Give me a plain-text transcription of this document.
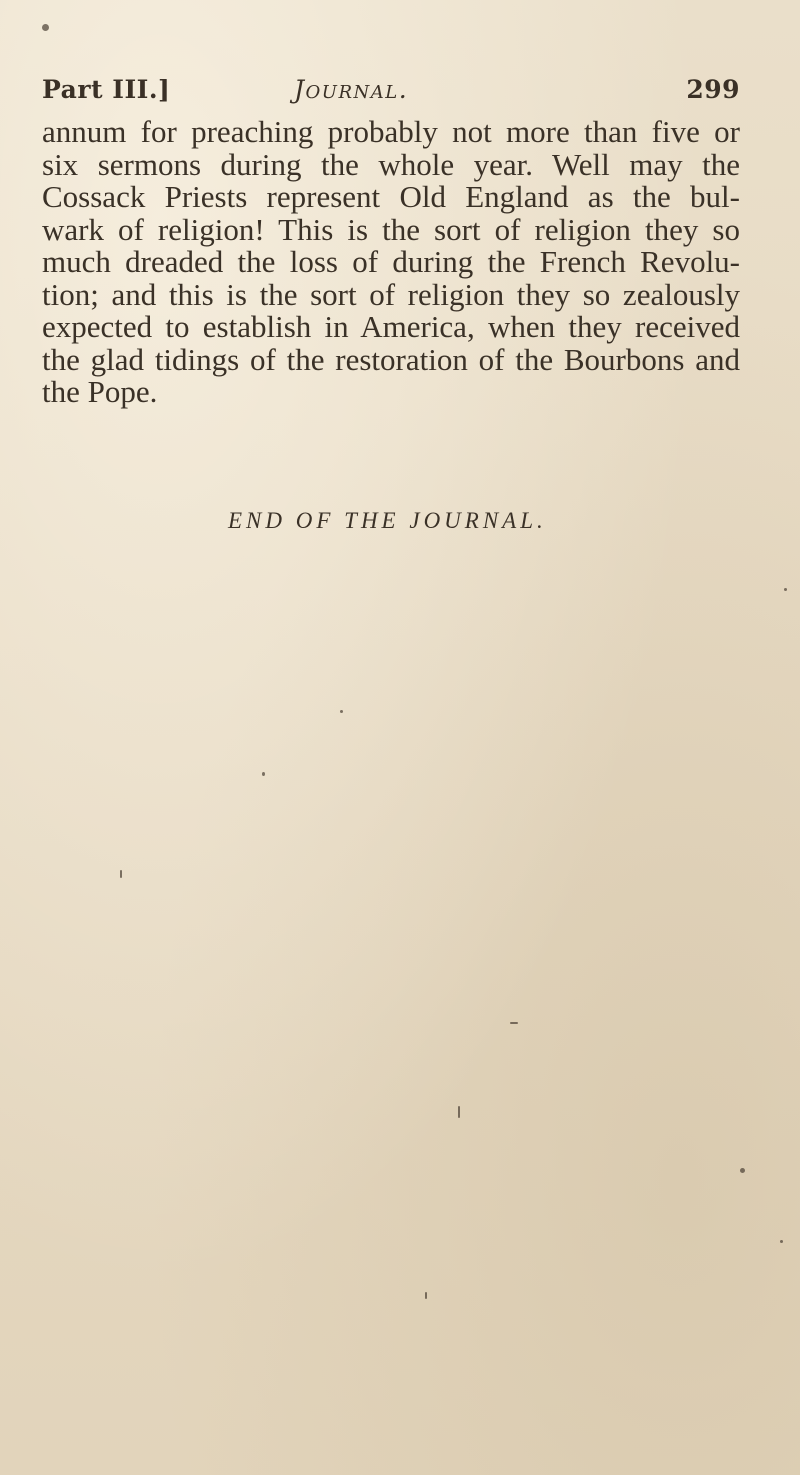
Part III.]	Journal.	299
annum for preaching probably not more than five or
six sermons during the whole year. Well may the
Cossack Priests represent Old England as the bul-
wark of religion! This is the sort of religion they so
much dreaded the loss of during the French Revolu-
tion; and this is the sort of religion they so zealously
expected to establish in America, when they received
the glad tidings of the restoration of the Bourbons and
the Pope.
END OF THE JOURNAL.
